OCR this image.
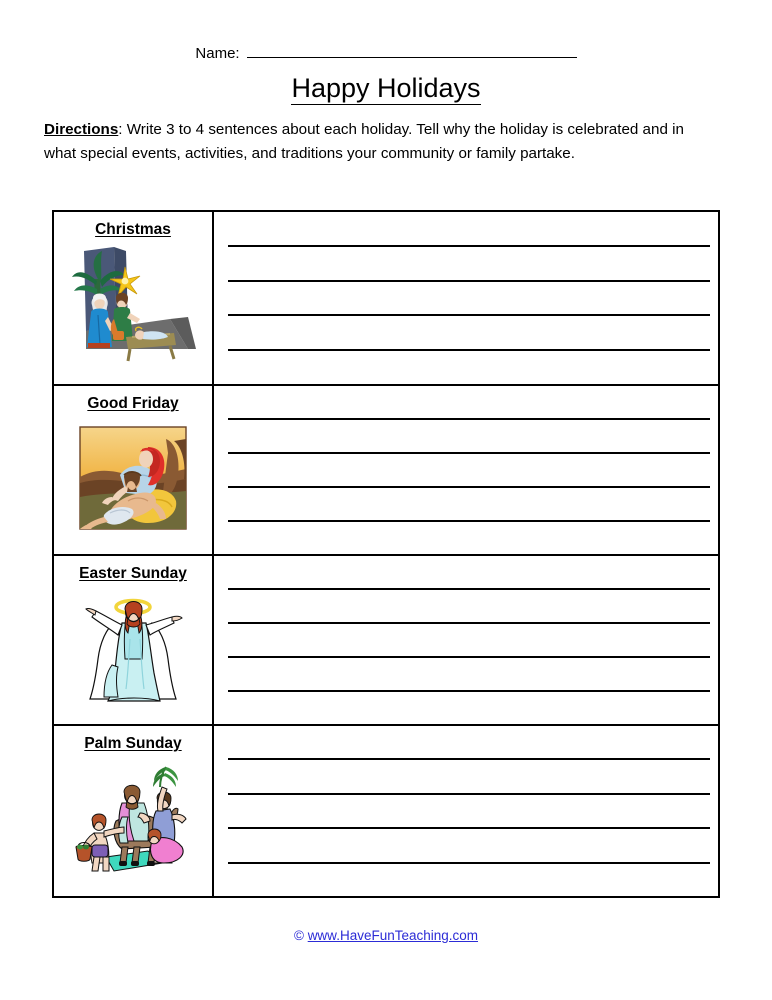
Name:
Happy Holidays
Directions: Write 3 to 4 sentences about each holiday. Tell why the holiday is celebrated and in what special events, activities, and traditions your community or family partake.
Christmas
Good Friday
Easter Sunday
Palm Sunday
© www.HaveFunTeaching.com
